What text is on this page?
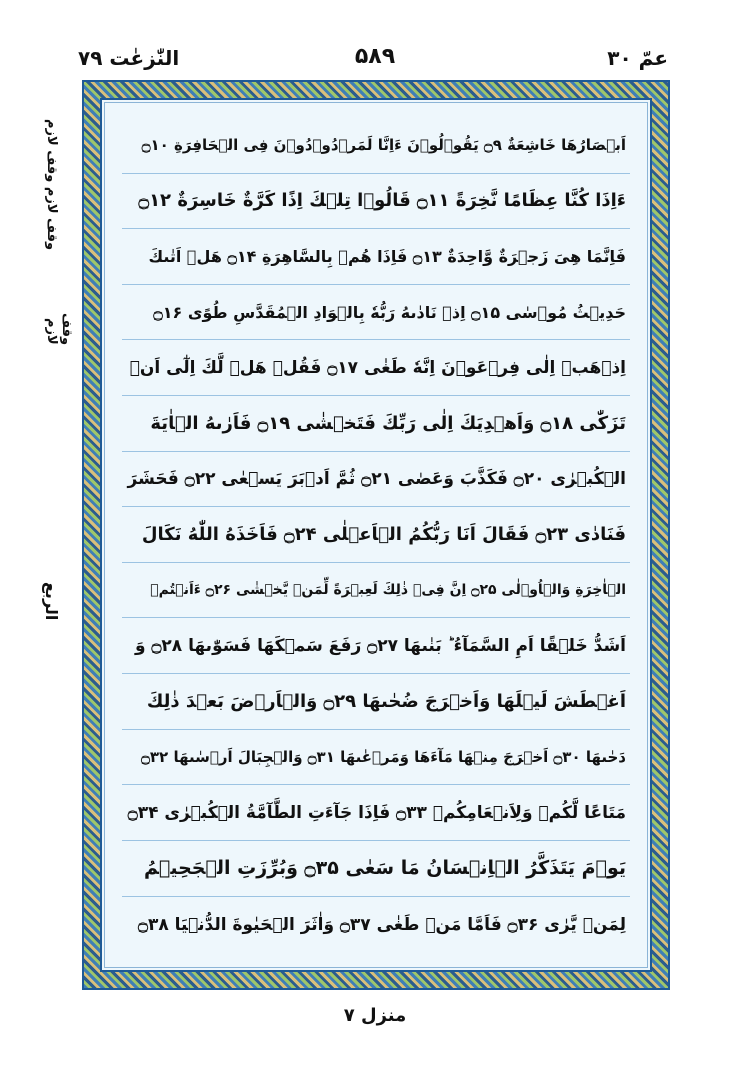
النّٰزعٰت ۷۹	۵۸۹	عمّ ۳۰
وقف لازم وقف لازم
وقف لازم
الربع
اَبۡصَارُهَا خَاشِعَةٌ ۝۹ يَقُوۡلُوۡنَ ءَاِنَّا لَمَرۡدُوۡدُوۡنَ فِى الۡحَافِرَةِ ۝۱۰
ءَاِذَا كُنَّا عِظَامًا نَّخِرَةً ۝۱۱ قَالُوۡا تِلۡكَ اِذًا كَرَّةٌ خَاسِرَةٌ ۝۱۲
فَاِنَّمَا هِىَ زَجۡرَةٌ وَّاحِدَةٌ ۝۱۳ فَاِذَا هُمۡ بِالسَّاهِرَةِ ۝۱۴ هَلۡ اَتٰٮكَ
حَدِيۡثُ مُوۡسٰى ۝۱۵ اِذۡ نَادٰٮهُ رَبُّهٗ بِالۡوَادِ الۡمُقَدَّسِ طُوًى ۝۱۶
اِذۡهَبۡ اِلٰى فِرۡعَوۡنَ اِنَّهٗ طَغٰى ۝۱۷ فَقُلۡ هَلۡ لَّكَ اِلٰٓى اَنۡ
تَزَكّٰى ۝۱۸ وَاَهۡدِيَكَ اِلٰى رَبِّكَ فَتَخۡشٰى ۝۱۹ فَاَرٰٮهُ الۡاٰيَةَ
الۡكُبۡرٰى ۝۲۰ فَكَذَّبَ وَعَصٰى ۝۲۱ ثُمَّ اَدۡبَرَ يَسۡعٰى ۝۲۲ فَحَشَرَ
فَنَادٰى ۝۲۳ فَقَالَ اَنَا رَبُّكُمُ الۡاَعۡلٰى ۝۲۴ فَاَخَذَهُ اللّٰهُ نَكَالَ
الۡاٰخِرَةِ وَالۡاُوۡلٰى ۝۲۵ اِنَّ فِىۡ ذٰلِكَ لَعِبۡرَةً لِّمَنۡ يَّخۡشٰى ۝۲۶ ءَاَنۡتُمۡ
اَشَدُّ خَلۡقًا اَمِ السَّمَآءُ ؕ بَنٰٮهَا ۝۲۷ رَفَعَ سَمۡكَهَا فَسَوّٰٮهَا ۝۲۸ وَ
اَغۡطَشَ لَيۡلَهَا وَاَخۡرَجَ ضُحٰٮهَا ۝۲۹ وَالۡاَرۡضَ بَعۡدَ ذٰلِكَ
دَحٰٮهَا ۝۳۰ اَخۡرَجَ مِنۡهَا مَآءَهَا وَمَرۡعٰٮهَا ۝۳۱ وَالۡجِبَالَ اَرۡسٰٮهَا ۝۳۲
مَتَاعًا لَّكُمۡ وَلِاَنۡعَامِكُمۡ ۝۳۳ فَاِذَا جَآءَتِ الطَّآمَّةُ الۡكُبۡرٰى ۝۳۴
يَوۡمَ يَتَذَكَّرُ الۡاِنۡسَانُ مَا سَعٰى ۝۳۵ وَبُرِّزَتِ الۡجَحِيۡمُ
لِمَنۡ يَّرٰى ۝۳۶ فَاَمَّا مَنۡ طَغٰى ۝۳۷ وَاٰثَرَ الۡحَيٰوةَ الدُّنۡيَا ۝۳۸
منزل ۷
